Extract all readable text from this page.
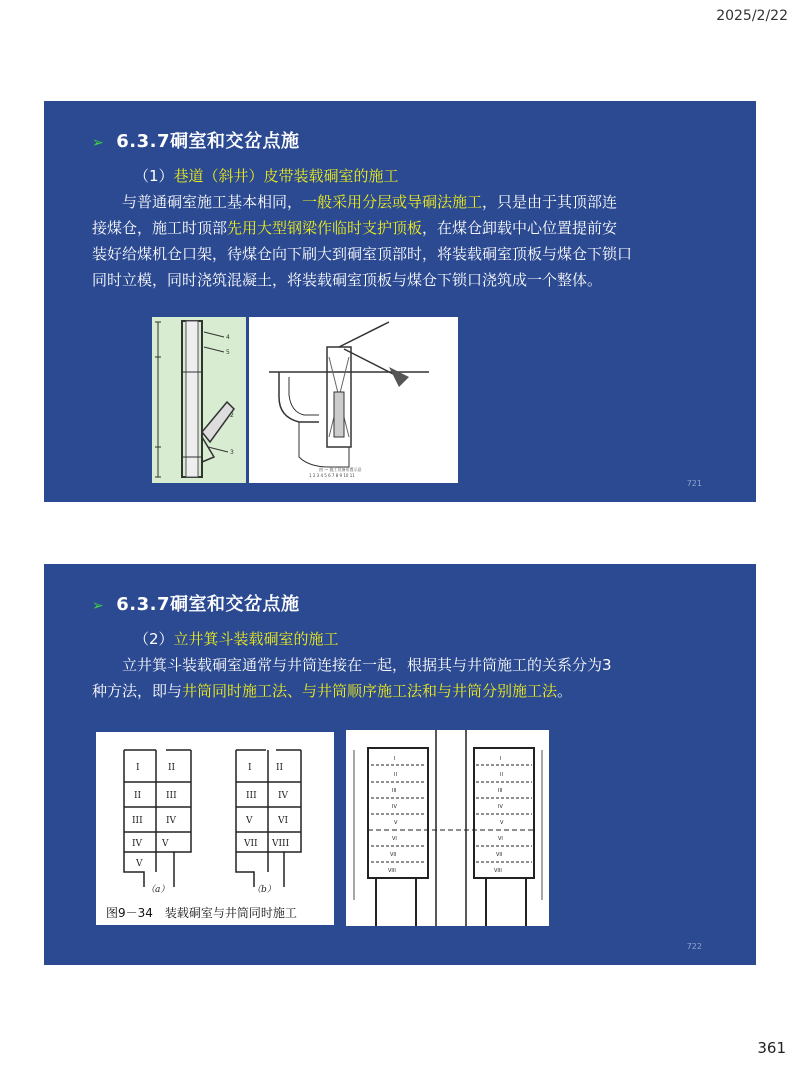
2025/2/22
➢ 6.3.7硐室和交岔点施
（1）巷道（斜井）皮带装载硐室的施工
与普通硐室施工基本相同，一般采用分层或导硐法施工，只是由于其顶部连接煤仓，施工时顶部先用大型钢梁作临时支护顶板，在煤仓卸载中心位置提前安装好给煤机仓口架，待煤仓向下刷大到硐室顶部时，将装载硐室顶板与煤仓下锁口同时立模，同时浇筑混凝土，将装载硐室顶板与煤仓下锁口浇筑成一个整体。
4
5
2
3
图 — 施工设备布置示意
1 2 3 4 5 6 7 8 9 10 11
721
➢ 6.3.7硐室和交岔点施
（2）立井箕斗装载硐室的施工
立井箕斗装载硐室通常与井筒连接在一起，根据其与井筒施工的关系分为3种方法，即与井筒同时施工法、与井筒顺序施工法和与井筒分别施工法。
I	II
II	III
III	IV
IV V
V
I	II
III IV
V	VI
VII VIII
（a）	（b）
图9－34　装载硐室与井筒同时施工
I
II
III
IV
V
VI
VII
VIII
I
II
III
IV
V
VI
VII
VIII
722
361
